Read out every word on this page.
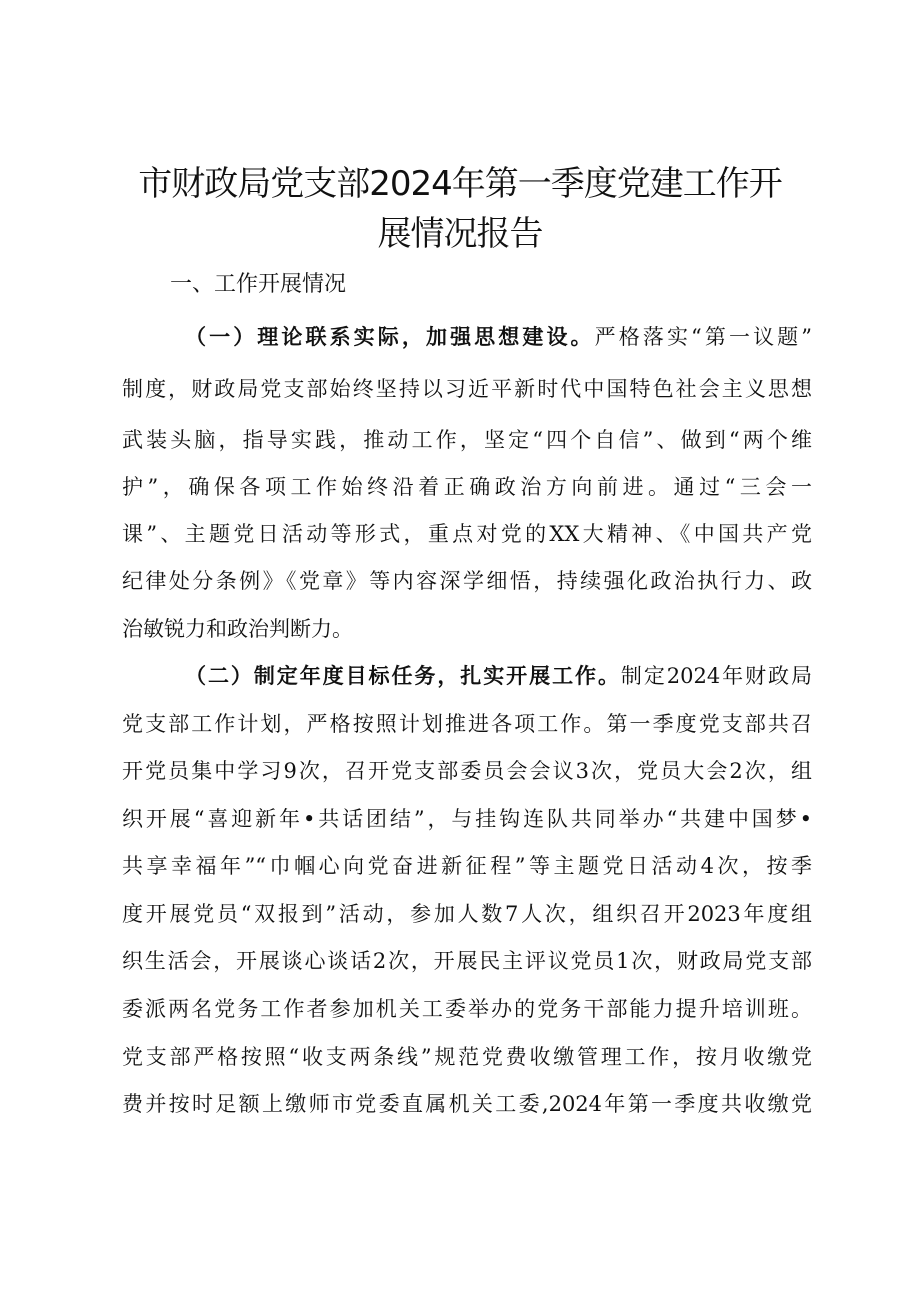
市财政局党支部2024年第一季度党建工作开
展情况报告
一、工作开展情况
（一）理论联系实际，加强思想建设。严格落实“第一议题”
制度，财政局党支部始终坚持以习近平新时代中国特色社会主义思想
武装头脑，指导实践，推动工作，坚定“四个自信”、做到“两个维
护”，确保各项工作始终沿着正确政治方向前进。通过“三会一
课”、主题党日活动等形式，重点对党的XX大精神、《中国共产党
纪律处分条例》《党章》等内容深学细悟，持续强化政治执行力、政
治敏锐力和政治判断力。
（二）制定年度目标任务，扎实开展工作。制定2024年财政局
党支部工作计划，严格按照计划推进各项工作。第一季度党支部共召
开党员集中学习9次，召开党支部委员会会议3次，党员大会2次，组
织开展“喜迎新年•共话团结”，与挂钩连队共同举办“共建中国梦•
共享幸福年”“巾帼心向党奋进新征程”等主题党日活动4次，按季
度开展党员“双报到”活动，参加人数7人次，组织召开2023年度组
织生活会，开展谈心谈话2次，开展民主评议党员1次，财政局党支部
委派两名党务工作者参加机关工委举办的党务干部能力提升培训班。
党支部严格按照“收支两条线”规范党费收缴管理工作，按月收缴党
费并按时足额上缴师市党委直属机关工委,2024年第一季度共收缴党
